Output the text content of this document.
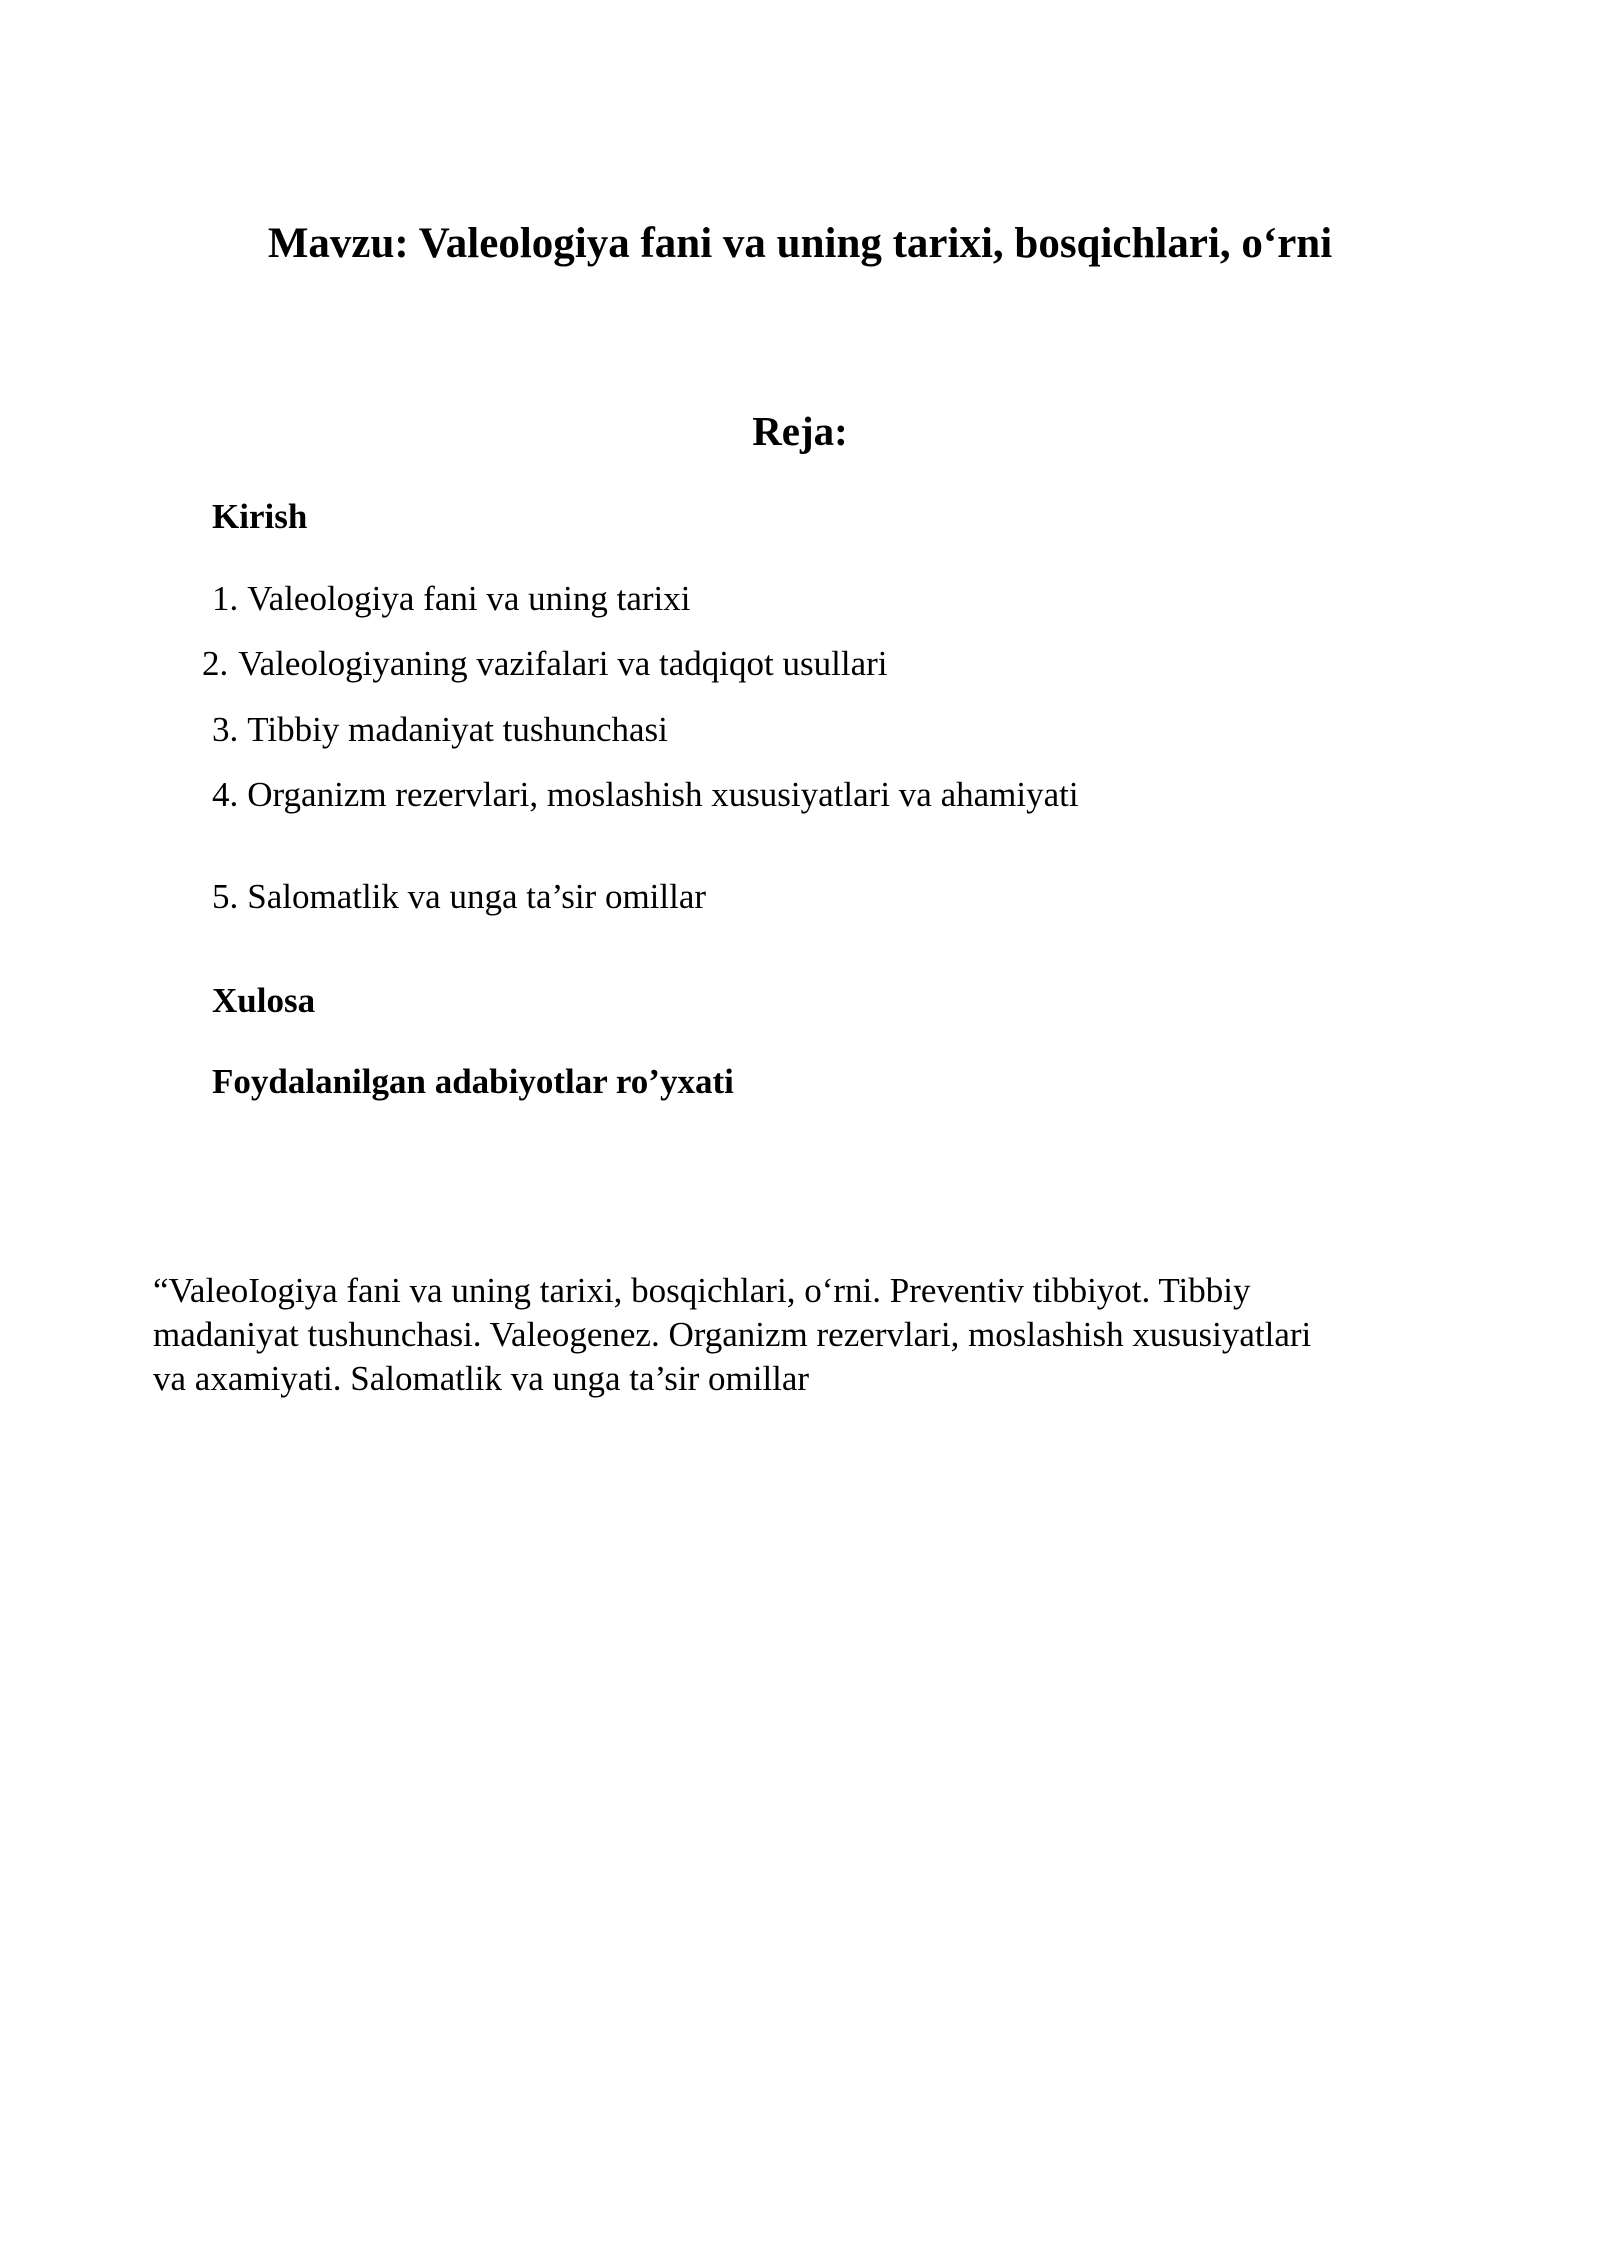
Mavzu: Valeologiya fani va uning tarixi, bosqichlari, o‘rni
Reja:
Kirish
1. Valeologiya fani va uning tarixi
2. Valeologiyaning vazifalari va tadqiqot usullari
3. Tibbiy madaniyat tushunchasi
4. Organizm rezervlari, moslashish xususiyatlari va ahamiyati
5. Salomatlik va unga ta’sir omillar
Xulosa
Foydalanilgan adabiyotlar ro’yxati

“ValeoIogiya fani va uning tarixi, bosqichlari, o‘rni. Preventiv tibbiyot. Tibbiy

madaniyat tushunchasi. Valeogenez. Organizm rezervlari, moslashish xususiyatlari

va axamiyati. Salomatlik va unga ta’sir omillar
